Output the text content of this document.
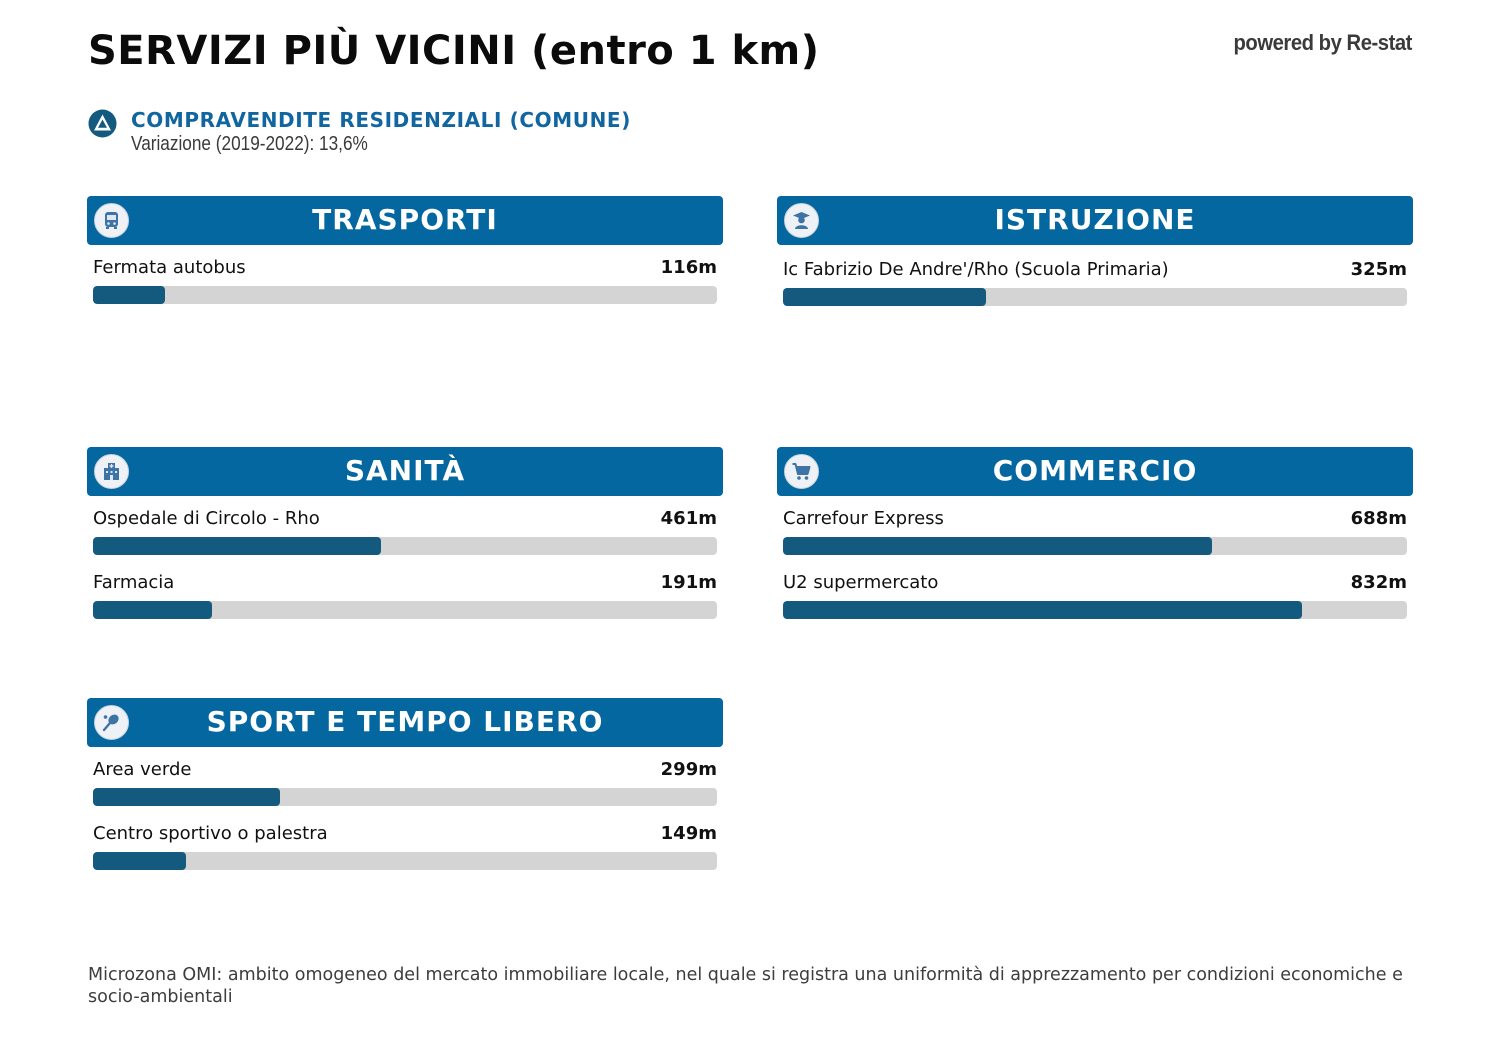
SERVIZI PIÙ VICINI (entro 1 km)	powered by Re-stat
COMPRAVENDITE RESIDENZIALI (COMUNE)
Variazione (2019-2022): 13,6%
TRASPORTI
Fermata autobus	116m
ISTRUZIONE
Ic Fabrizio De Andre'/Rho (Scuola Primaria)	325m
SANITÀ
Ospedale di Circolo - Rho	461m
Farmacia	191m
COMMERCIO
Carrefour Express	688m
U2 supermercato	832m
SPORT E TEMPO LIBERO
Area verde	299m
Centro sportivo o palestra	149m
Microzona OMI: ambito omogeneo del mercato immobiliare locale, nel quale si registra una uniformità di apprezzamento per condizioni economiche e socio-ambientali
